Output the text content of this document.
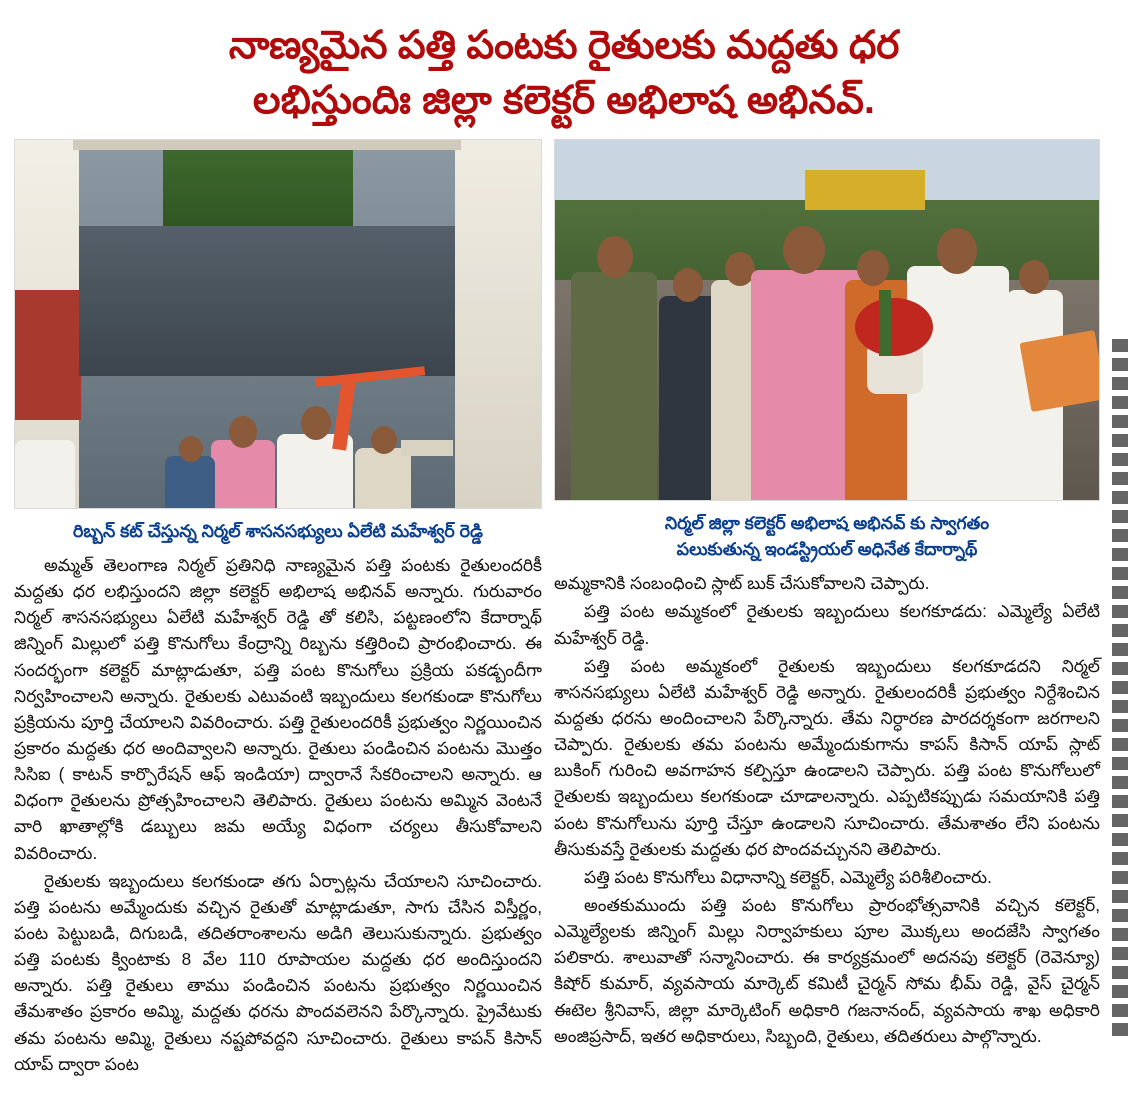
నాణ్యమైన పత్తి పంటకు రైతులకు మద్దతు ధర
లభిస్తుందిః జిల్లా కలెక్టర్ అభిలాష అభినవ్.
రిబ్బన్ కట్ చేస్తున్న నిర్మల్ శాసనసభ్యులు ఏలేటి మహేశ్వర్ రెడ్డి

అమ్మత్ తెలంగాణ నిర్మల్ ప్రతినిధి నాణ్యమైన పత్తి పంటకు రైతులందరికీ మద్దతు ధర లభిస్తుందని జిల్లా కలెక్టర్ అభిలాష అభినవ్ అన్నారు. గురువారం నిర్మల్ శాసనసభ్యులు ఏలేటి మహేశ్వర్ రెడ్డి తో కలిసి, పట్టణంలోని కేదార్నాథ్ జిన్నింగ్ మిల్లులో పత్తి కొనుగోలు కేంద్రాన్ని రిబ్బను కత్తిరించి ప్రారంభించారు. ఈ సందర్భంగా కలెక్టర్ మాట్లాడుతూ, పత్తి పంట కొనుగోలు ప్రక్రియ పకడ్బందీగా నిర్వహించాలని అన్నారు. రైతులకు ఎటువంటి ఇబ్బందులు కలగకుండా కొనుగోలు ప్రక్రియను పూర్తి చేయాలని వివరించారు. పత్తి రైతులందరికీ ప్రభుత్వం నిర్ణయించిన ప్రకారం మద్దతు ధర అందివ్వాలని అన్నారు. రైతులు పండించిన పంటను మొత్తం సిసిఐ ( కాటన్ కార్పొరేషన్ ఆఫ్ ఇండియా) ద్వారానే సేకరించాలని అన్నారు. ఆ విధంగా రైతులను ప్రోత్సహించాలని తెలిపారు. రైతులు పంటను అమ్మిన వెంటనే వారి ఖాతాల్లోకి డబ్బులు జమ అయ్యే విధంగా చర్యలు తీసుకోవాలని వివరించారు.

రైతులకు ఇబ్బందులు కలగకుండా తగు ఏర్పాట్లను చేయాలని సూచించారు. పత్తి పంటను అమ్మేందుకు వచ్చిన రైతుతో మాట్లాడుతూ, సాగు చేసిన విస్తీర్ణం, పంట పెట్టుబడి, దిగుబడి, తదితరాంశాలను అడిగి తెలుసుకున్నారు. ప్రభుత్వం పత్తి పంటకు క్వింటాకు 8 వేల 110 రూపాయల మద్దతు ధర అందిస్తుందని అన్నారు. పత్తి రైతులు తాము పండించిన పంటను ప్రభుత్వం నిర్ణయించిన తేమశాతం ప్రకారం అమ్మి, మద్దతు ధరను పొందవలెనని పేర్కొన్నారు. ప్రైవేటుకు తమ పంటను అమ్మి, రైతులు నష్టపోవద్దని సూచించారు. రైతులు కాపన్ కిసాన్ యాప్ ద్వారా పంట

నిర్మల్ జిల్లా కలెక్టర్ అభిలాష అభినవ్ కు స్వాగతం
పలుకుతున్న ఇండస్ట్రియల్ అధినేత కేదార్నాథ్

అమ్మకానికి సంబంధించి స్లాట్ బుక్ చేసుకోవాలని చెప్పారు.

పత్తి పంట అమ్మకంలో రైతులకు ఇబ్బందులు కలగకూడదు: ఎమ్మెల్యే ఏలేటి మహేశ్వర్ రెడ్డి.

పత్తి పంట అమ్మకంలో రైతులకు ఇబ్బందులు కలగకూడదని నిర్మల్ శాసనసభ్యులు ఏలేటి మహేశ్వర్ రెడ్డి అన్నారు. రైతులందరికీ ప్రభుత్వం నిర్దేశించిన మద్దతు ధరను అందించాలని పేర్కొన్నారు. తేమ నిర్ధారణ పారదర్శకంగా జరగాలని చెప్పారు. రైతులకు తమ పంటను అమ్మేందుకుగాను కాపస్ కిసాన్ యాప్ స్లాట్ బుకింగ్ గురించి అవగాహన కల్పిస్తూ ఉండాలని చెప్పారు. పత్తి పంట కొనుగోలులో రైతులకు ఇబ్బందులు కలగకుండా చూడాలన్నారు. ఎప్పటికప్పుడు సమయానికి పత్తి పంట కొనుగోలును పూర్తి చేస్తూ ఉండాలని సూచించారు. తేమశాతం లేని పంటను తీసుకువస్తే రైతులకు మద్దతు ధర పొందవచ్చునని తెలిపారు.

పత్తి పంట కొనుగోలు విధానాన్ని కలెక్టర్, ఎమ్మెల్యే పరిశీలించారు.

అంతకుముందు పత్తి పంట కొనుగోలు ప్రారంభోత్సవానికి వచ్చిన కలెక్టర్, ఎమ్మెల్యేలకు జిన్నింగ్ మిల్లు నిర్వాహకులు పూల మొక్కలు అందజేసి స్వాగతం పలికారు. శాలువాతో సన్మానించారు. ఈ కార్యక్రమంలో అదనపు కలెక్టర్ (రెవెన్యూ) కిషోర్ కుమార్, వ్యవసాయ మార్కెట్ కమిటీ చైర్మన్ సోమ భీమ్ రెడ్డి, వైస్ చైర్మన్ ఈటెల శ్రీనివాస్, జిల్లా మార్కెటింగ్ అధికారి గజనానంద్, వ్యవసాయ శాఖ అధికారి అంజిప్రసాద్, ఇతర అధికారులు, సిబ్బంది, రైతులు, తదితరులు పాల్గొన్నారు.
